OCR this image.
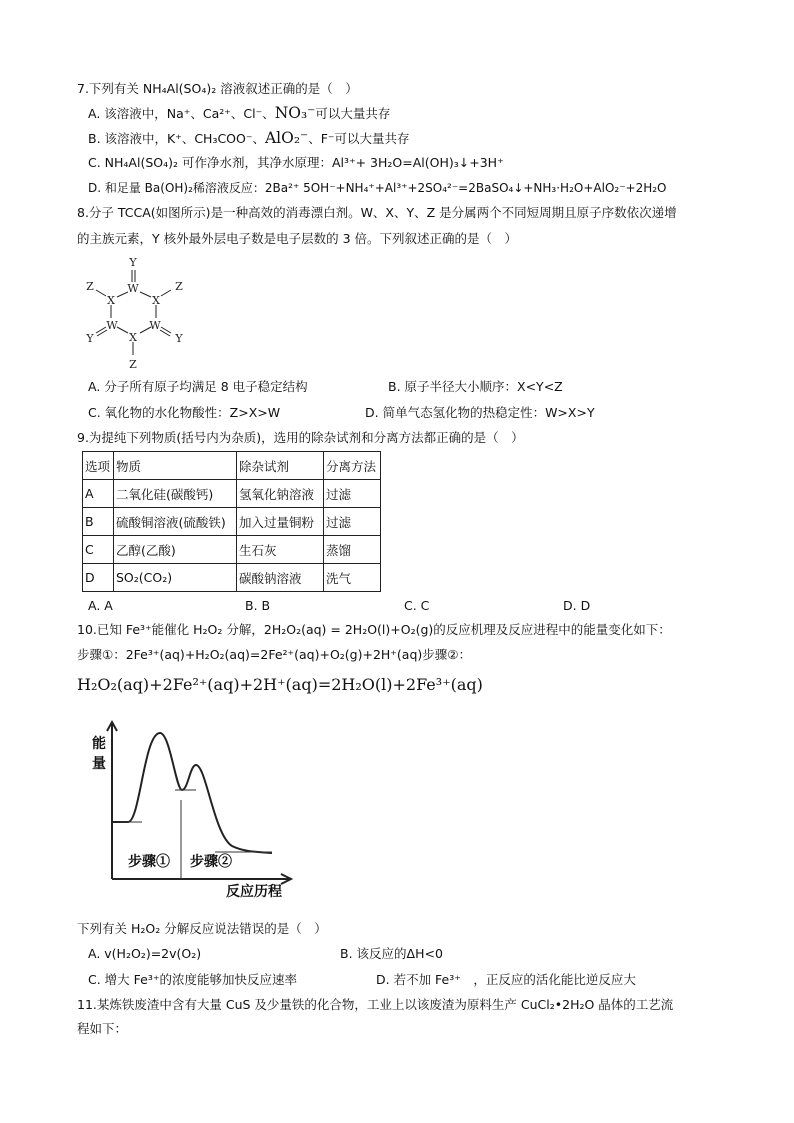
7.下列有关 NH₄Al(SO₄)₂ 溶液叙述正确的是（　）
A. 该溶液中，Na⁺、Ca²⁺、Cl⁻、NO₃⁻可以大量共存
B. 该溶液中，K⁺、CH₃COO⁻、AlO₂⁻、F⁻可以大量共存
C. NH₄Al(SO₄)₂ 可作净水剂，其净水原理：Al³⁺+ 3H₂O=Al(OH)₃↓+3H⁺
D. 和足量 Ba(OH)₂稀溶液反应：2Ba²⁺ 5OH⁻+NH₄⁺+Al³⁺+2SO₄²⁻=2BaSO₄↓+NH₃·H₂O+AlO₂⁻+2H₂O
8.分子 TCCA(如图所示)是一种高效的消毒漂白剂。W、X、Y、Z 是分属两个不同短周期且原子序数依次递增
的主族元素，Y 核外最外层电子数是电子层数的 3 倍。下列叙述正确的是（　）
Y
W
Z
X	X
Z
W	W
X
Y	Y
Z
A. 分子所有原子均满足 8 电子稳定结构	B. 原子半径大小顺序：X<Y<Z
C. 氧化物的水化物酸性：Z>X>W	D. 简单气态氢化物的热稳定性：W>X>Y
9.为提纯下列物质(括号内为杂质)，选用的除杂试剂和分离方法都正确的是（　）
选项	物质	除杂试剂	分离方法
A	二氧化硅(碳酸钙)	氢氧化钠溶液	过滤
B	硫酸铜溶液(硫酸铁)	加入过量铜粉	过滤
C	乙醇(乙酸)	生石灰	蒸馏
D	SO₂(CO₂)	碳酸钠溶液	洗气
A. A	B. B	C. C	D. D
10.已知 Fe³⁺能催化 H₂O₂ 分解，2H₂O₂(aq) = 2H₂O(l)+O₂(g)的反应机理及反应进程中的能量变化如下：
步骤①：2Fe³⁺(aq)+H₂O₂(aq)=2Fe²⁺(aq)+O₂(g)+2H⁺(aq)步骤②：
H₂O₂(aq)+2Fe²⁺(aq)+2H⁺(aq)=2H₂O(l)+2Fe³⁺(aq)
能
量
步骤① 步骤②
反应历程
下列有关 H₂O₂ 分解反应说法错误的是（　）
A. v(H₂O₂)=2v(O₂)	B. 该反应的ΔH<0
C. 增大 Fe³⁺的浓度能够加快反应速率	D. 若不加 Fe³⁺　，正反应的活化能比逆反应大
11.某炼铁废渣中含有大量 CuS 及少量铁的化合物，工业上以该废渣为原料生产 CuCl₂•2H₂O 晶体的工艺流
程如下：
